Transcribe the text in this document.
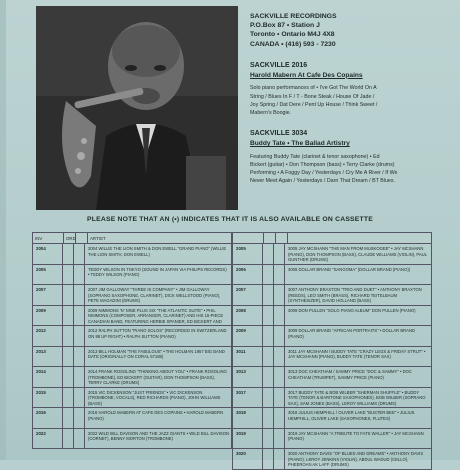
SACKVILLE RECORDINGS
P.O.Box 87 • Station J
Toronto • Ontario M4J 4X8
CANADA • (416) 593 - 7230
SACKVILLE 2016
Harold Mabern At Cafe Des Copains
Solo piano performances of • I've Got The World On A
String / Blues In F / T - Bone Steak / House Of Jade /
Joy Spring / Dat Dere / Pent Up House / Think Sweet /
Mabern's Boogie.
SACKVILLE 3034
Buddy Tate • The Ballad Artistry
Featuring Buddy Tate (clarinet & tenor saxophone) • Ed
Bickert (guitar) • Don Thompson (bass) • Terry Clarke (drums)
Performing • A Foggy Day / Yesterdays / Cry Me A River / If We
Never Meet Again / Yesterdays / Darn That Dream / BT Blues.
PLEASE NOTE THAT AN (•) INDICATES THAT IT IS ALSO AVAILABLE ON CASSETTE
INV	ORD	ARTIST
2004	2004 WILLIE THE LION SMITH & DON EWELL "GRAND PIANO" (WILLIE THE LION SMITH, DON EWELL)
2005	TEDDY WILSON IN TOKYO (SOUND IN JAPAN VIA PHILIPS RECORDS) • TEDDY WILSON (PIANO)
2007	2007 JIM GALLOWAY "THREE IS COMPANY" • JIM GALLOWAY (SOPRANO SAXOPHONE, CLARINET), DICK WELLSTOOD (PIANO), PETE MAGADINI (DRUMS)
2009	2009 NIMMONS 'N' NINE PLUS SIX "THE ATLANTIC SUITE" • PHIL NIMMONS (COMPOSER, ARRANGER, CLARINET) AND HIS 15-PIECE CANADIAN BAND, FEATURING HERBIE SPANIER, ED BICKERT AND
2012	2012 RALPH SUTTON "PIANO SOLOS" (RECORDED IN SWITZERLAND ON 88 UP RIGHT) • RALPH SUTTON (PIANO)
2013	2013 BILL HOLMAN "THE FABULOUS" • THE HOLMAN 1957 BIG BAND DATE (ORIGINALLY ON CORAL 57188)
2014	2014 FRANK ROSOLINO "THINKING ABOUT YOU" • FRANK ROSOLINO (TROMBONE), ED BICKERT (GUITAR), DON THOMPSON (BASS), TERRY CLARKE (DRUMS)
2015	2015 VIC DICKENSON "JUST FRIENDS" • VIC DICKENSON (TROMBONE, VOCALS), RED RICHARDS (PIANO), JOHN WILLIAMS (BASS)
2016	2016 HAROLD MABERN AT CAFE DES COPAINS • HAROLD MABERN (PIANO)
2022	2022 WILD BILL DAVISON AND THE JAZZ GIANTS • WILD BILL DAVISON (CORNET), BENNY MORTON (TROMBONE)
2005	3005 JAY MCSHANN "THE MAN FROM MUSKOGEE" • JAY MCSHANN (PIANO), DON THOMPSON (BASS), CLAUDE WILLIAMS (VIOLIN), PAUL GUNTHER (DRUMS)
2006	3006 DOLLAR BRAND "SANGOMA" (DOLLAR BRAND (PIANO))
2007	3007 ANTHONY BRAXTON "TRIO AND DUET" • ANTHONY BRAXTON (REEDS), LEO SMITH (BRASS), RICHARD TEITELBAUM (SYNTHESIZER), DAVID HOLLAND (BASS)
2008	3008 DON PULLEN "SOLO PIANO ALBUM" DON PULLEN (PIANO)
2009	3009 DOLLAR BRAND "AFRICAN PORTRAITS" • DOLLAR BRAND (PIANO)
3011	3011 JAY MCSHANN / BUDDY TATE "CRAZY LEGS & FRIDAY STRUT" • JAY MCSHANN (PIANO), BUDDY TATE (TENOR SAX)
3013	3013 DOC CHEATHAM / SAMMY PRICE "DOC & SAMMY" • DOC CHEATHAM (TRUMPET), SAMMY PRICE (PIANO)
3017	3017 BUDDY TATE & BOB WILBER "SHERMAN SHUFFLE" • BUDDY TATE (TENOR & BARITONE SAXOPHONES), BOB WILBER (SOPRANO SAX), SAM JONES (BASS), LEROY WILLIAMS (DRUMS)
3018	3018 JULIUS HEMPHILL / OLIVER LAKE "BUSTER BEE" • JULIUS HEMPHILL, OLIVER LAKE (SAXOPHONES, FLUTES)
3019	3019 JAY MCSHANN "A TRIBUTE TO FATS WALLER" • JAY MCSHANN (PIANO)
3020	3020 ANTHONY DAVIS "OF BLUES AND DREAMS" • ANTHONY DAVIS (PIANO), LEROY JENKINS (VIOLIN), ABDUL WADUD (CELLO), PHEEROAN AK LAFF (DRUMS)
